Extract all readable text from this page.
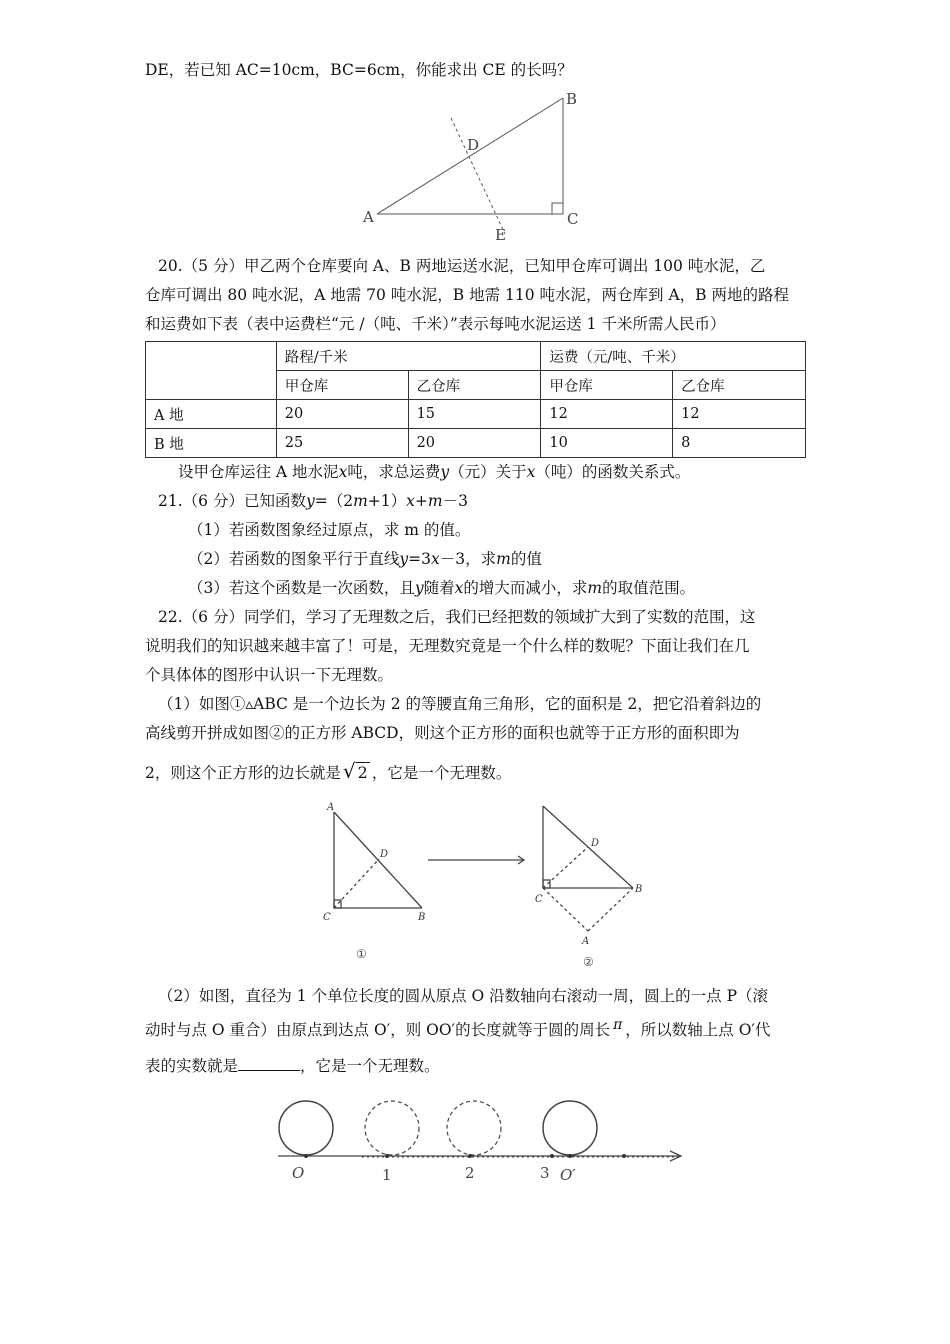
DE，若已知 AC=10cm，BC=6cm，你能求出 CE 的长吗？
A
B
C
D
E
20.（5 分）甲乙两个仓库要向 A、B 两地运送水泥，已知甲仓库可调出 100 吨水泥，乙
仓库可调出 80 吨水泥，A 地需 70 吨水泥，B 地需 110 吨水泥，两仓库到 A，B 两地的路程
和运费如下表（表中运费栏“元 /（吨、千米）”表示每吨水泥运送 1 千米所需人民币）
	路程/千米		运费（元/吨、千米）	
	甲仓库	乙仓库	甲仓库	乙仓库
A 地	20	15	12	12
B 地	25	20	10	8
设甲仓库运往 A 地水泥x吨，求总运费y（元）关于x（吨）的函数关系式。
21.（6 分）已知函数y=（2m+1）x+m－3
（1）若函数图象经过原点，求 m 的值。
（2）若函数的图象平行于直线y=3x－3，求m的值
（3）若这个函数是一次函数，且y随着x的增大而减小，求m的取值范围。
22.（6 分）同学们，学习了无理数之后，我们已经把数的领域扩大到了实数的范围，这
说明我们的知识越来越丰富了！可是，无理数究竟是一个什么样的数呢？下面让我们在几
个具体体的图形中认识一下无理数。
（1）如图①▵ABC 是一个边长为 2 的等腰直角三角形，它的面积是 2，把它沿着斜边的
高线剪开拼成如图②的正方形 ABCD，则这个正方形的面积也就等于正方形的面积即为
2，则这个正方形的边长就是 √ 2 ，它是一个无理数。
A
C	B
D
C
B
D
A
①
②
（2）如图，直径为 1 个单位长度的圆从原点 O 沿数轴向右滚动一周，圆上的一点 P（滚
动时与点 O 重合）由原点到达点 O′，则 OO′的长度就等于圆的周长 π ，所以数轴上点 O′代
表的实数就是	，它是一个无理数。
O	1	2	3 O′
